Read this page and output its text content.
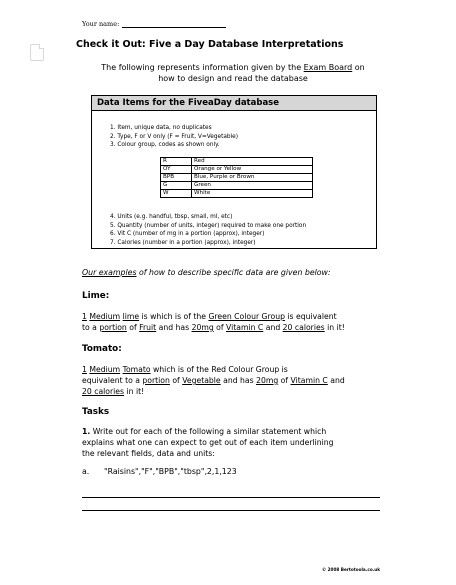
Your name:
Check it Out: Five a Day Database Interpretations
The following represents information given by the Exam Board on
how to design and read the database
Data Items for the FiveaDay database
1. Item, unique data, no duplicates
2. Type, F or V only (F = Fruit, V=Vegetable)
3. Colour group, codes as shown only.
R	Red
OY	Orange or Yellow
BPB	Blue, Purple or Brown
G	Green
W	White
4. Units (e.g. handful, tbsp, small, ml, etc)
5. Quantity (number of units, integer) required to make one portion
6. Vit C (number of mg in a portion (approx), integer)
7. Calories (number in a portion (approx), integer)
Our examples of how to describe specific data are given below:
Lime:
1 Medium lime is which is of the Green Colour Group is equivalent
to a portion of Fruit and has 20mg of Vitamin C and 20 calories in it!
Tomato:
1 Medium Tomato which is of the Red Colour Group is
equivalent to a portion of Vegetable and has 20mg of Vitamin C and
20 calories in it!
Tasks
1. Write out for each of the following a similar statement which
explains what one can expect to get out of each item underlining
the relevant fields, data and units:
a. "Raisins","F","BPB","tbsp",2,1,123
© 2008 Bertotoola.co.uk
